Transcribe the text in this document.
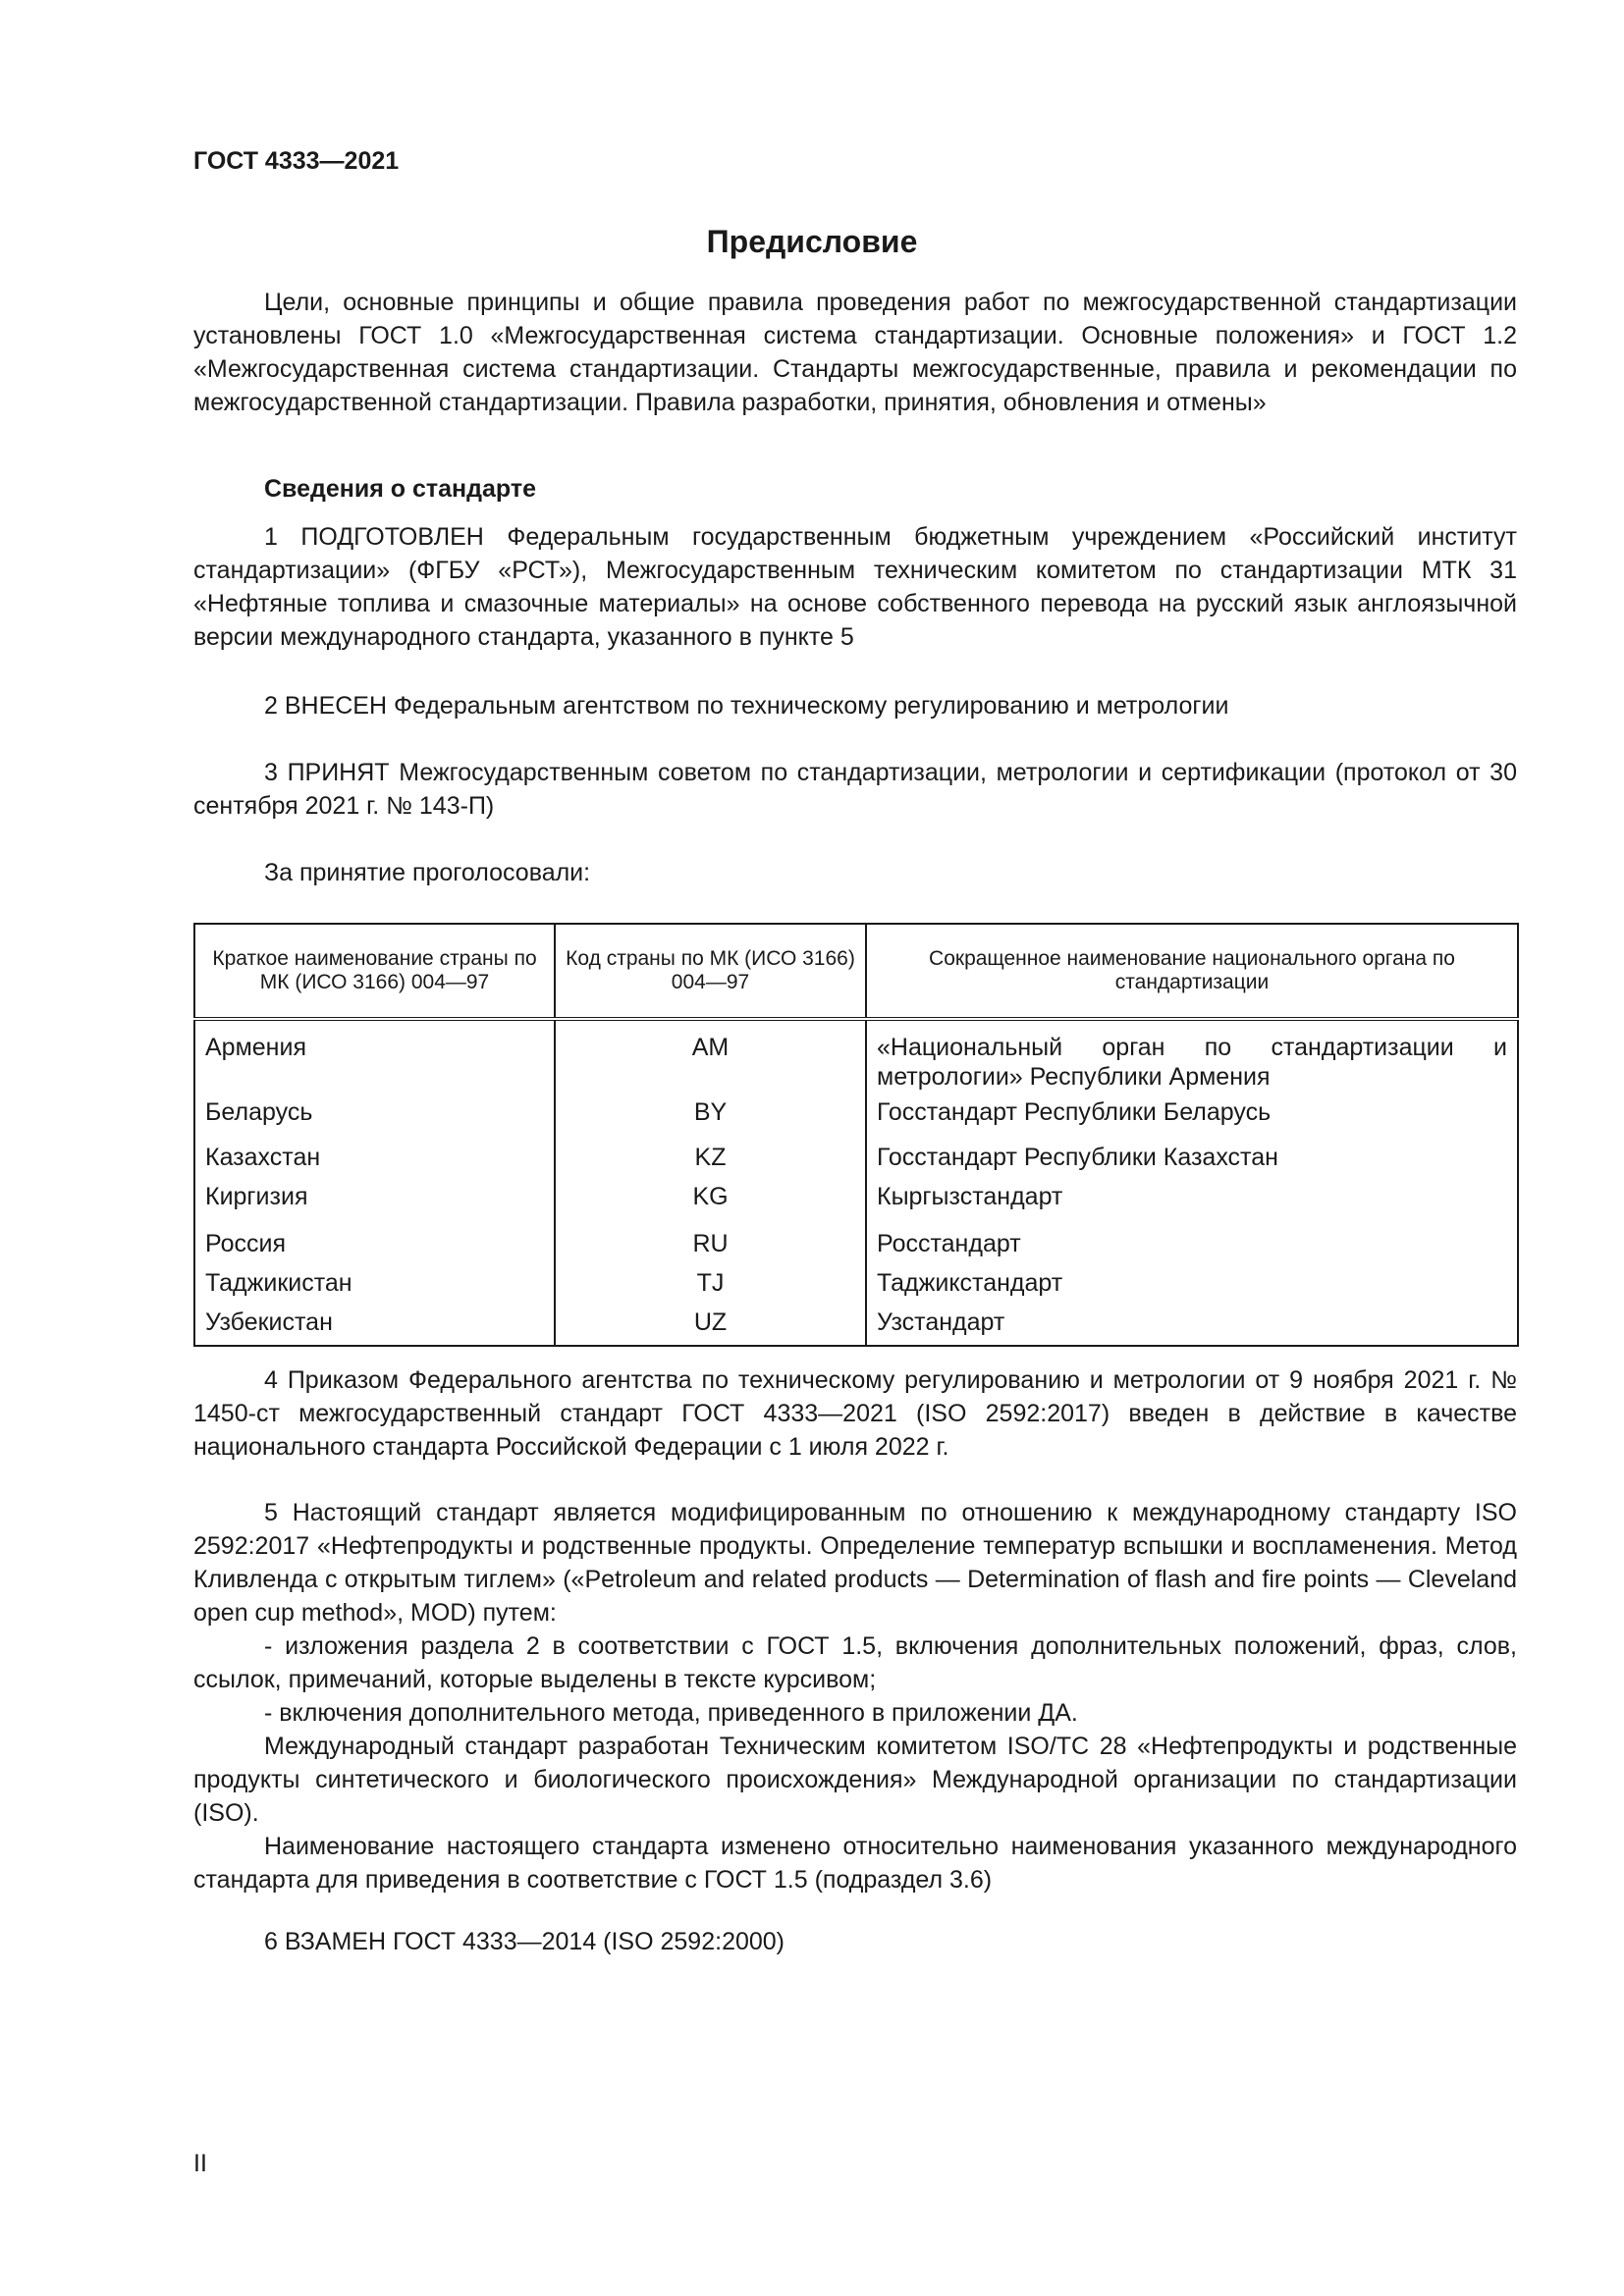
ГОСТ 4333—2021
Предисловие

Цели, основные принципы и общие правила проведения работ по межгосударственной стандартизации установлены ГОСТ 1.0 «Межгосударственная система стандартизации. Основные положения» и ГОСТ 1.2 «Межгосударственная система стандартизации. Стандарты межгосударственные, правила и рекомендации по межгосударственной стандартизации. Правила разработки, принятия, обновления и отмены»

Сведения о стандарте

1 ПОДГОТОВЛЕН Федеральным государственным бюджетным учреждением «Российский институт стандартизации» (ФГБУ «РСТ»), Межгосударственным техническим комитетом по стандартизации МТК 31 «Нефтяные топлива и смазочные материалы» на основе собственного перевода на русский язык англоязычной версии международного стандарта, указанного в пункте 5

2 ВНЕСЕН Федеральным агентством по техническому регулированию и метрологии

3 ПРИНЯТ Межгосударственным советом по стандартизации, метрологии и сертификации (протокол от 30 сентября 2021 г. № 143-П)

За принятие проголосовали:

Краткое наименование страны по МК (ИСО 3166) 004—97	Код страны по МК (ИСО 3166) 004—97	Сокращенное наименование национального органа по стандартизации
Армения	AM	«Национальный орган по стандартизации и метрологии» Республики Армения
Беларусь	BY	Госстандарт Республики Беларусь
Казахстан	KZ	Госстандарт Республики Казахстан
Киргизия	KG	Кыргызстандарт
Россия	RU	Росстандарт
Таджикистан	TJ	Таджикстандарт
Узбекистан	UZ	Узстандарт

4 Приказом Федерального агентства по техническому регулированию и метрологии от 9 ноября 2021 г. № 1450-ст межгосударственный стандарт ГОСТ 4333—2021 (ISO 2592:2017) введен в действие в качестве национального стандарта Российской Федерации с 1 июля 2022 г.

5 Настоящий стандарт является модифицированным по отношению к международному стандарту ISO 2592:2017 «Нефтепродукты и родственные продукты. Определение температур вспышки и воспламенения. Метод Кливленда с открытым тиглем» («Petroleum and related products — Determination of flash and fire points — Cleveland open cup method», MOD) путем:

- изложения раздела 2 в соответствии с ГОСТ 1.5, включения дополнительных положений, фраз, слов, ссылок, примечаний, которые выделены в тексте курсивом;

- включения дополнительного метода, приведенного в приложении ДА.

Международный стандарт разработан Техническим комитетом ISO/TC 28 «Нефтепродукты и родственные продукты синтетического и биологического происхождения» Международной организации по стандартизации (ISO).

Наименование настоящего стандарта изменено относительно наименования указанного международного стандарта для приведения в соответствие с ГОСТ 1.5 (подраздел 3.6)

6 ВЗАМЕН ГОСТ 4333—2014 (ISO 2592:2000)

II
